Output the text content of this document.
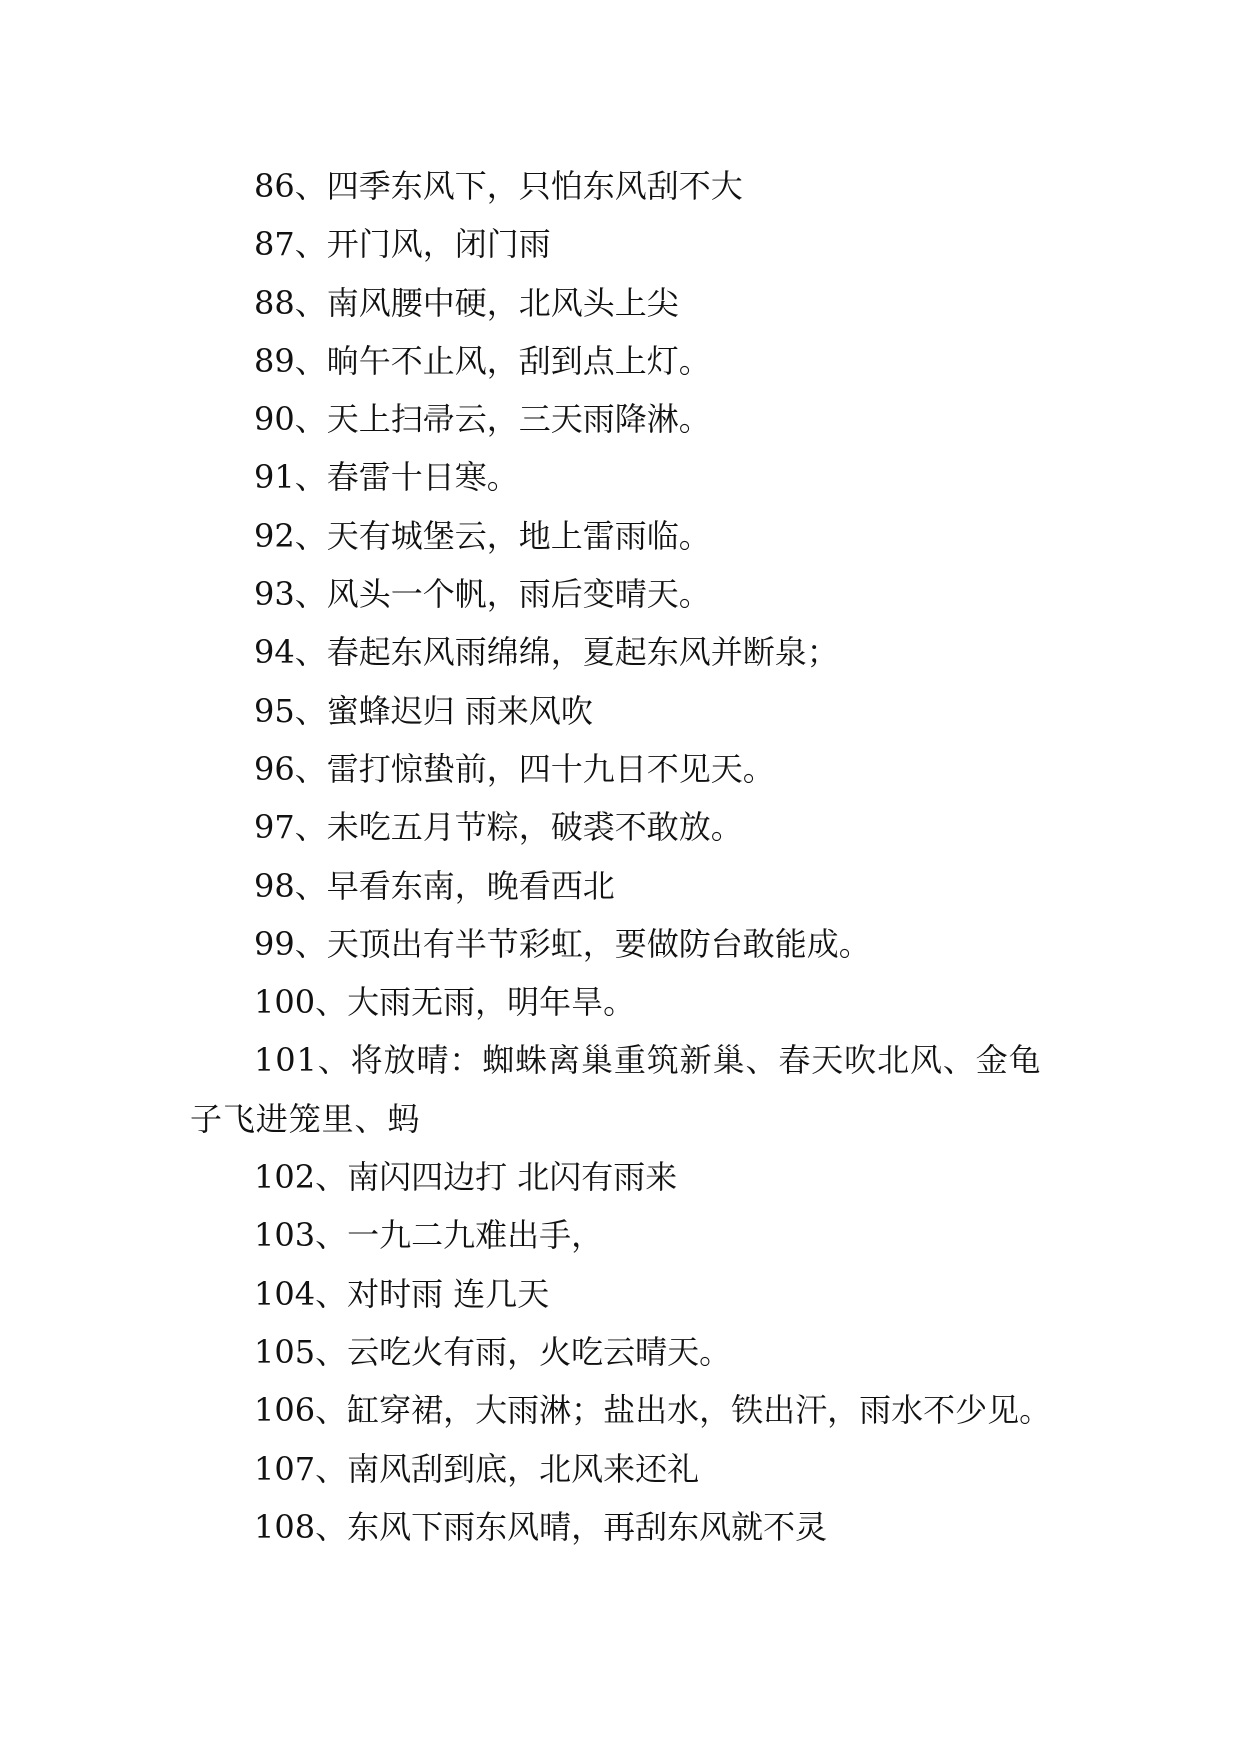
86、四季东风下，只怕东风刮不大
87、开门风，闭门雨
88、南风腰中硬，北风头上尖
89、晌午不止风，刮到点上灯。
90、天上扫帚云，三天雨降淋。
91、春雷十日寒。
92、天有城堡云，地上雷雨临。
93、风头一个帆，雨后变晴天。
94、春起东风雨绵绵，夏起东风并断泉；
95、蜜蜂迟归 雨来风吹
96、雷打惊蛰前，四十九日不见天。
97、未吃五月节粽，破裘不敢放。
98、早看东南，晚看西北
99、天顶出有半节彩虹，要做防台敢能成。
100、大雨无雨，明年旱。
101、将放晴：蜘蛛离巢重筑新巢、春天吹北风、金龟子飞进笼里、蚂
102、南闪四边打 北闪有雨来
103、一九二九难出手，
104、对时雨 连几天
105、云吃火有雨，火吃云晴天。
106、缸穿裙，大雨淋；盐出水，铁出汗，雨水不少见。
107、南风刮到底，北风来还礼
108、东风下雨东风晴，再刮东风就不灵
